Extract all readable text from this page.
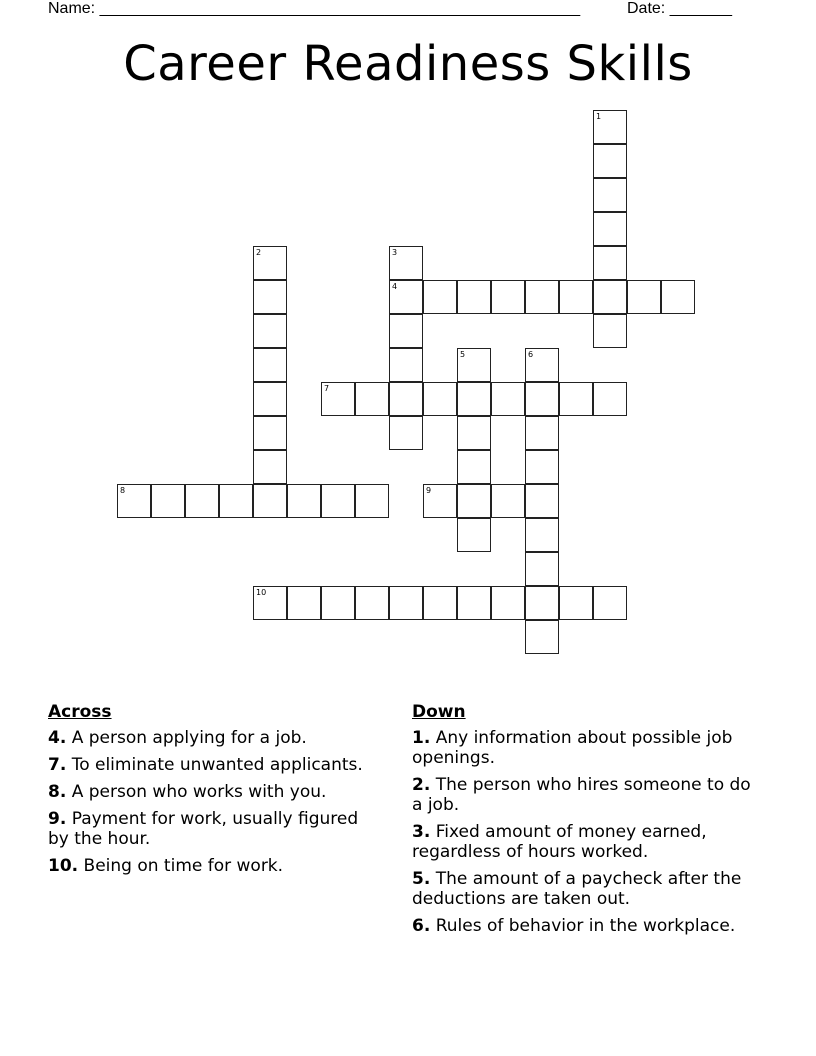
Name: ______________________________________________________	Date: _______
Career Readiness Skills
1
2	3
4
5	6
7
8	9
10
Across
4. A person applying for a job.
7. To eliminate unwanted applicants.
8. A person who works with you.
9. Payment for work, usually figured by the hour.
10. Being on time for work.
Down
1. Any information about possible job openings.
2. The person who hires someone to do a job.
3. Fixed amount of money earned, regardless of hours worked.
5. The amount of a paycheck after the deductions are taken out.
6. Rules of behavior in the workplace.
